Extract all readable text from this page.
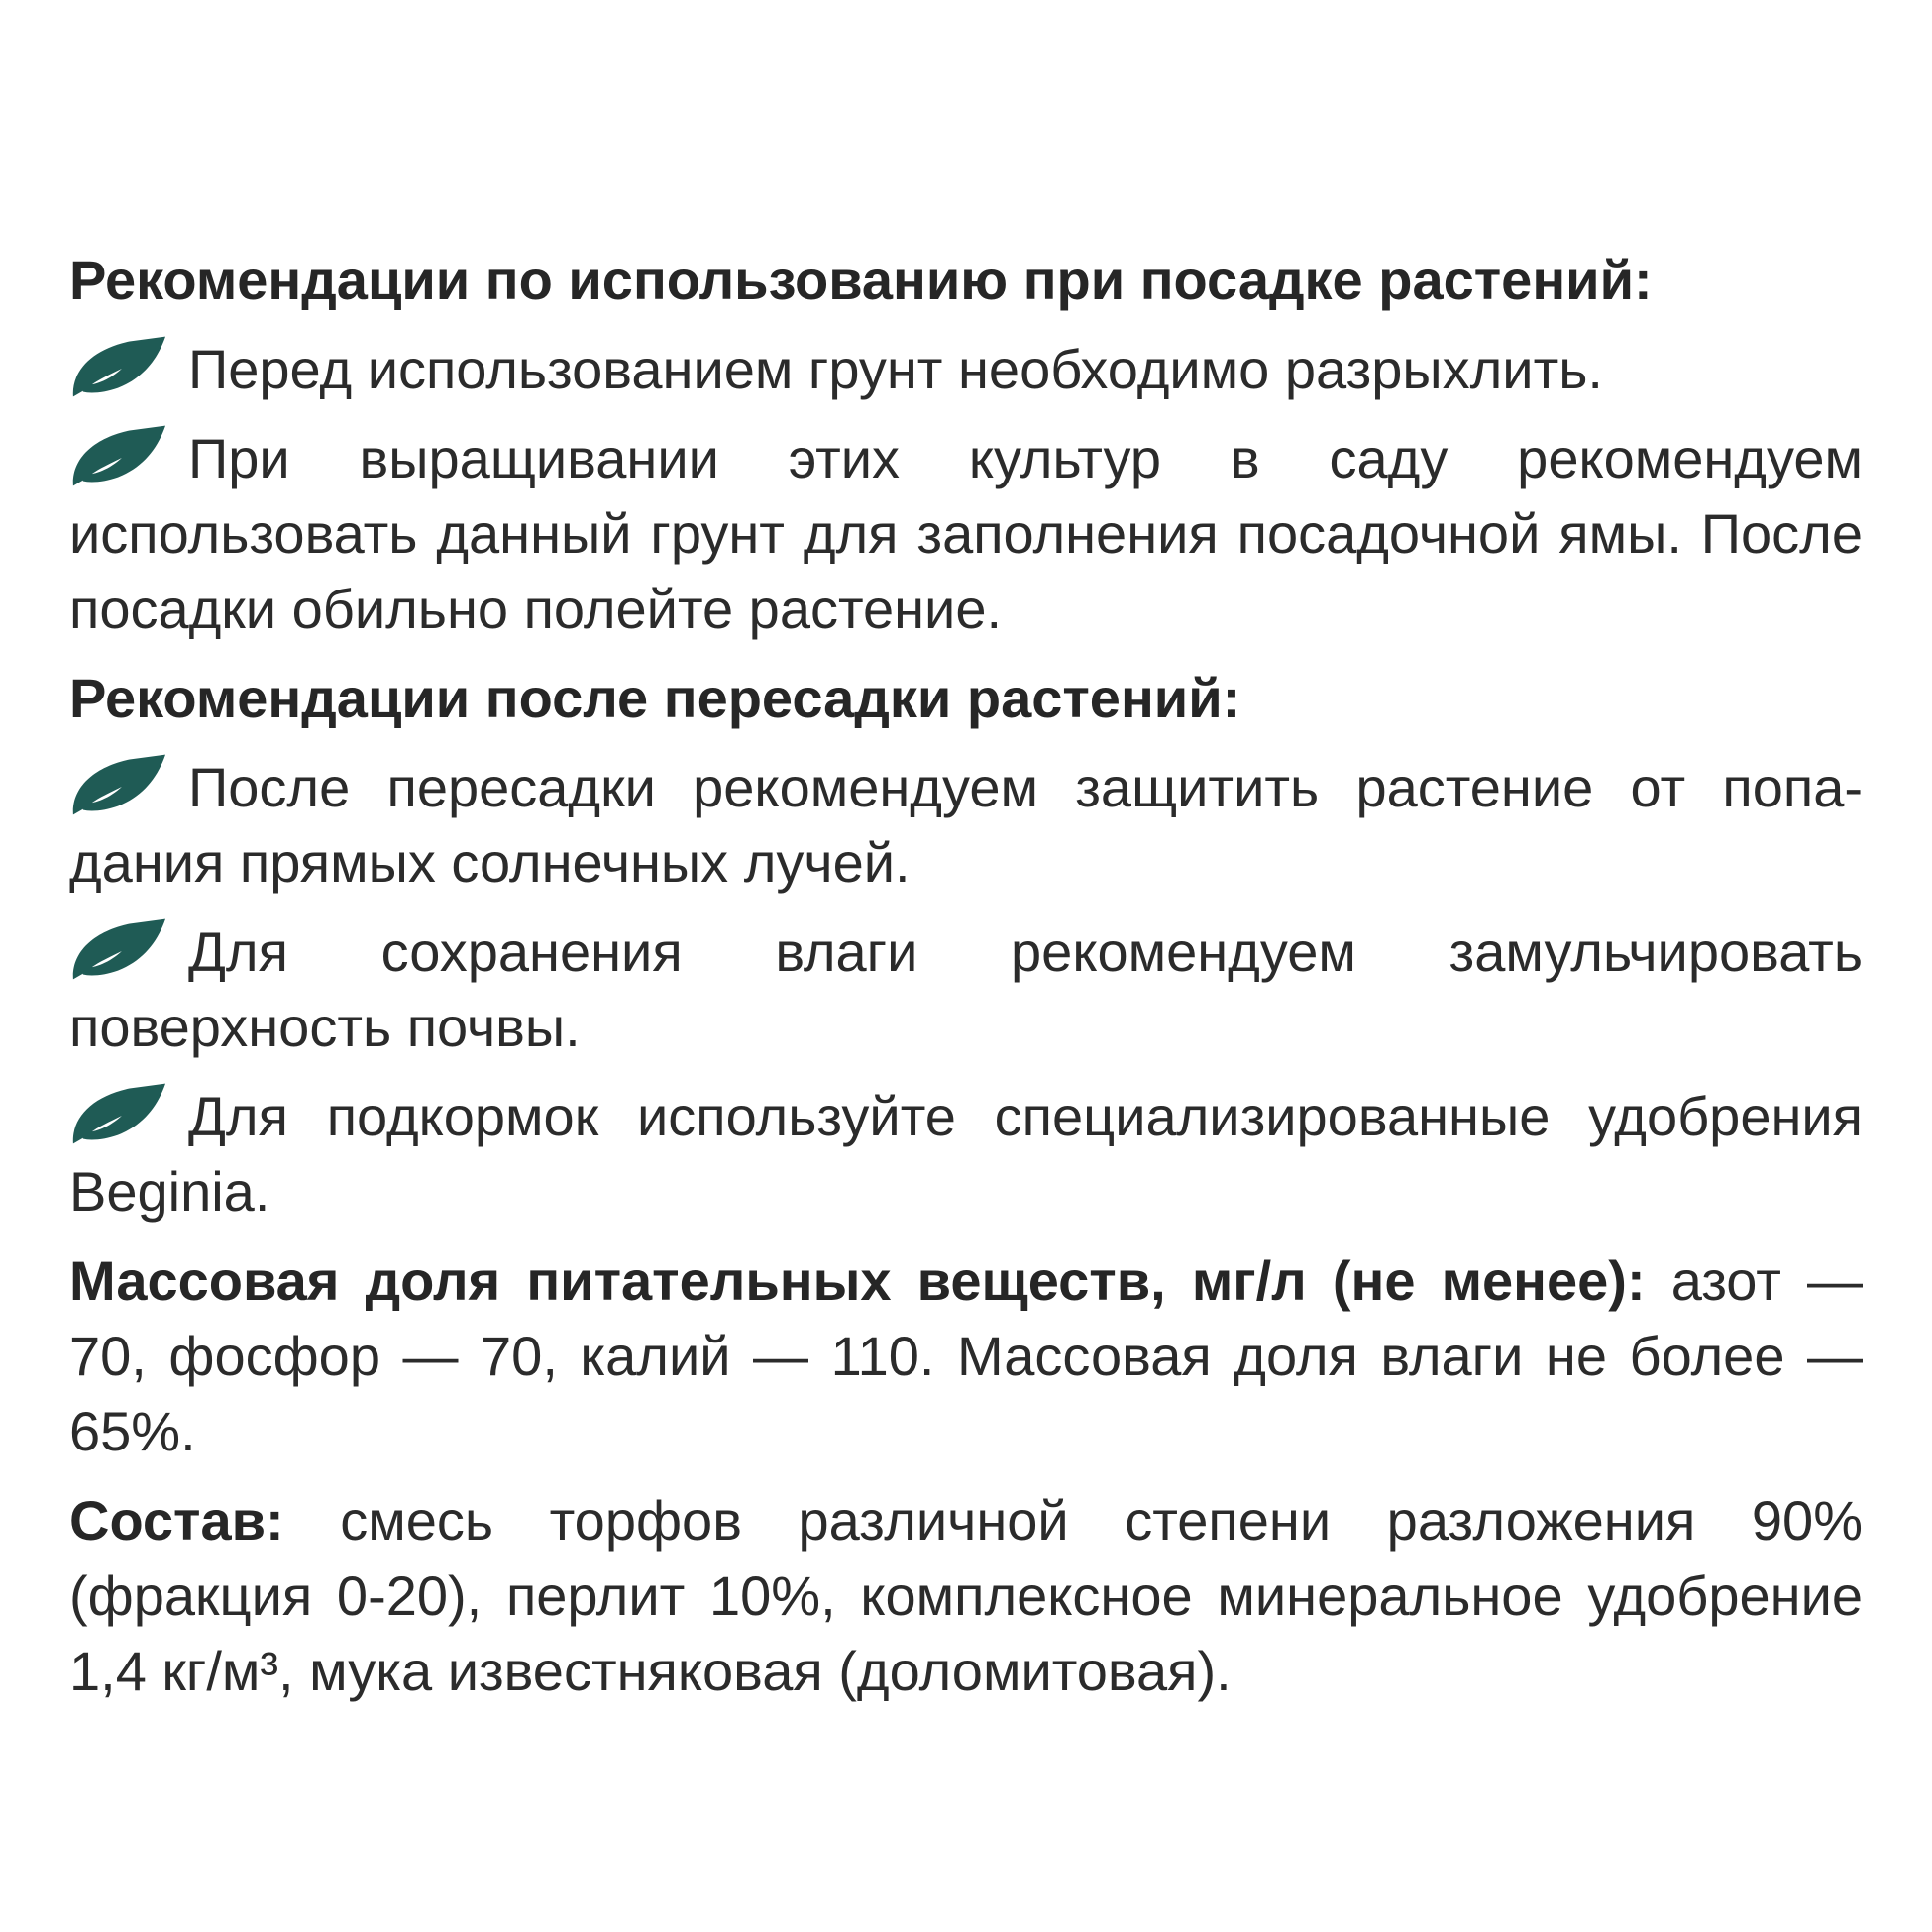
Рекомендации по использованию при посадке растений:
Перед использованием грунт необходимо разрыхлить.
При выращивании этих культур в саду рекомендуем использовать данный грунт для заполнения посадочной ямы. После посадки обильно полейте растение.
Рекомендации после пересадки растений:
После пересадки рекомендуем защитить растение от попадания прямых солнечных лучей.
Для сохранения влаги рекомендуем замульчировать поверхность почвы.
Для подкормок используйте специализированные удобрения Beginia.
Массовая доля питательных веществ, мг/л (не менее): азот — 70, фосфор — 70, калий — 110. Массовая доля влаги не более — 65%.
Состав: смесь торфов различной степени разложения 90% (фракция 0-20), перлит 10%, комплексное минеральное удобрение 1,4 кг/м³, мука известняковая (доломитовая).
